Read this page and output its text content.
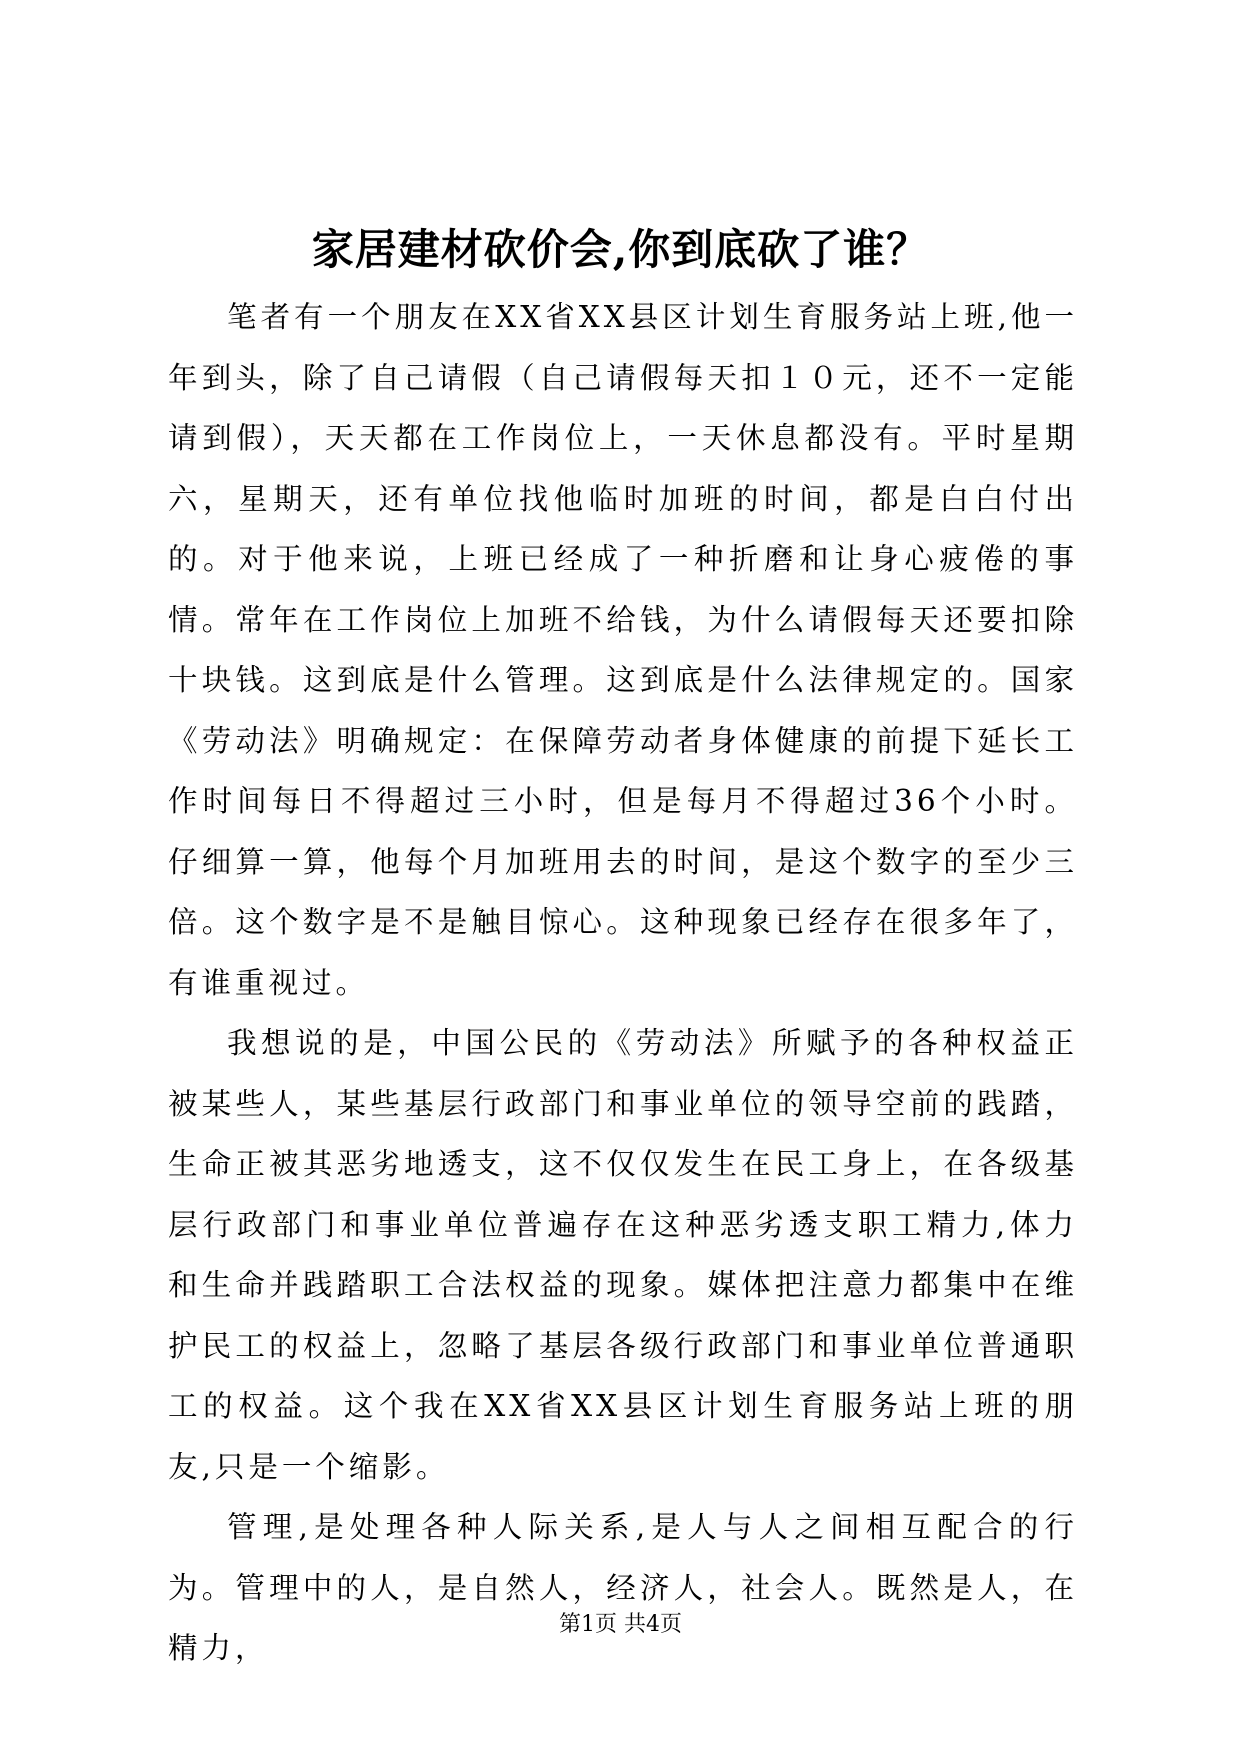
家居建材砍价会,你到底砍了谁？

笔者有一个朋友在XX省XX县区计划生育服务站上班,他一年到头，除了自己请假（自己请假每天扣１０元，还不一定能请到假），天天都在工作岗位上，一天休息都没有。平时星期六，星期天，还有单位找他临时加班的时间，都是白白付出的。对于他来说，上班已经成了一种折磨和让身心疲倦的事情。常年在工作岗位上加班不给钱，为什么请假每天还要扣除十块钱。这到底是什么管理。这到底是什么法律规定的。国家《劳动法》明确规定：在保障劳动者身体健康的前提下延长工作时间每日不得超过三小时，但是每月不得超过36个小时。仔细算一算，他每个月加班用去的时间，是这个数字的至少三倍。这个数字是不是触目惊心。这种现象已经存在很多年了，有谁重视过。

我想说的是，中国公民的《劳动法》所赋予的各种权益正被某些人，某些基层行政部门和事业单位的领导空前的践踏，生命正被其恶劣地透支，这不仅仅发生在民工身上，在各级基层行政部门和事业单位普遍存在这种恶劣透支职工精力,体力和生命并践踏职工合法权益的现象。媒体把注意力都集中在维护民工的权益上，忽略了基层各级行政部门和事业单位普通职工的权益。这个我在XX省XX县区计划生育服务站上班的朋友,只是一个缩影。

管理,是处理各种人际关系,是人与人之间相互配合的行为。管理中的人，是自然人，经济人，社会人。既然是人，在精力，

第1页 共4页
